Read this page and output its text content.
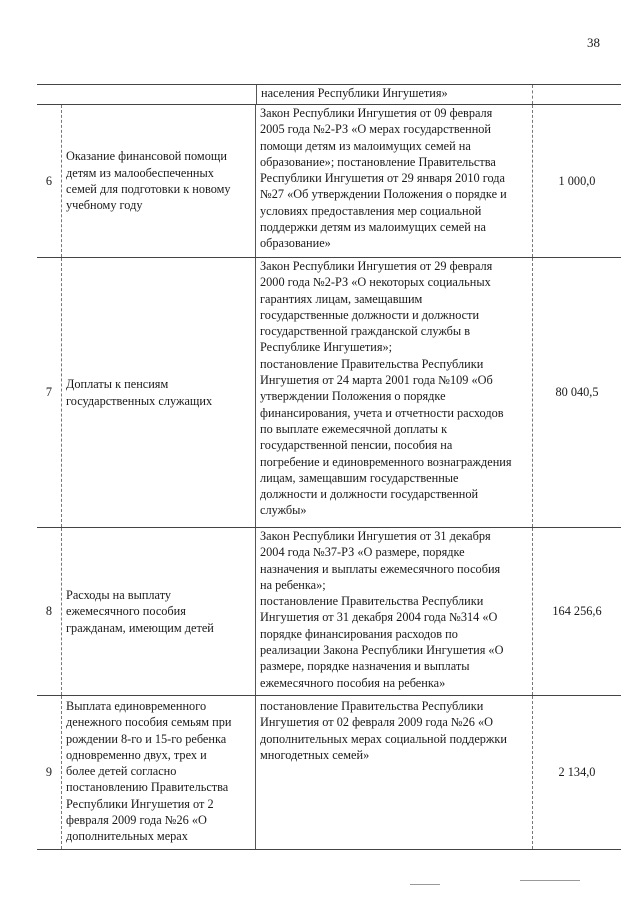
38
населения Республики Ингушетия»
6
Оказание финансовой помощи
детям из малообеспеченных
семей для подготовки к новому
учебному году
Закон Республики Ингушетия от 09 февраля
2005 года №2-РЗ «О мерах государственной
помощи детям из малоимущих семей на
образование»; постановление Правительства
Республики Ингушетия от 29 января 2010 года
№27 «Об утверждении Положения о порядке и
условиях предоставления мер социальной
поддержки детям из малоимущих семей на
образование»
1 000,0
7
Доплаты к пенсиям
государственных служащих
Закон Республики Ингушетия от 29 февраля
2000 года №2-РЗ «О некоторых социальных
гарантиях лицам, замещавшим
государственные должности и должности
государственной гражданской службы в
Республике Ингушетия»;
постановление Правительства Республики
Ингушетия от 24 марта 2001 года №109 «Об
утверждении Положения о порядке
финансирования, учета и отчетности расходов
по выплате ежемесячной доплаты к
государственной пенсии, пособия на
погребение и единовременного вознаграждения
лицам, замещавшим государственные
должности и должности государственной
службы»
80 040,5
8
Расходы на выплату
ежемесячного пособия
гражданам, имеющим детей
Закон Республики Ингушетия от 31 декабря
2004 года №37-РЗ «О размере, порядке
назначения и выплаты ежемесячного пособия
на ребенка»;
постановление Правительства Республики
Ингушетия от 31 декабря 2004 года №314 «О
порядке финансирования расходов по
реализации Закона Республики Ингушетия «О
размере, порядке назначения и выплаты
ежемесячного пособия на ребенка»
164 256,6
9
Выплата единовременного
денежного пособия семьям при
рождении 8-го и 15-го ребенка
одновременно двух, трех и
более детей согласно
постановлению Правительства
Республики Ингушетия от 2
февраля 2009 года №26 «О
дополнительных мерах
постановление Правительства Республики
Ингушетия от 02 февраля 2009 года №26 «О
дополнительных мерах социальной поддержки
многодетных семей»
2 134,0
